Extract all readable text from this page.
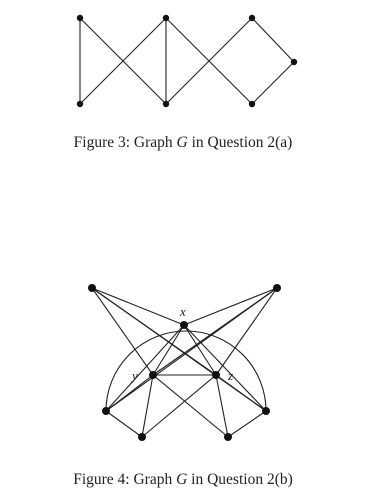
x
y	z
Figure 3: Graph G in Question 2(a)
Figure 4: Graph G in Question 2(b)
